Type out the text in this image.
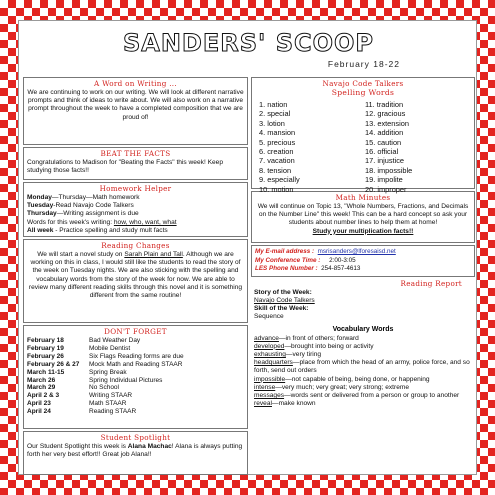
SANDERS' SCOOP
February 18-22
A Word on Writing ...

We are continuing to work on our writing. We will look at different narrative prompts and think of ideas to write about. We will also work on a narrative prompt throughout the week to have a completed composition that we are proud of!

BEAT THE FACTS

Congratulations to Madison for "Beating the Facts" this week! Keep studying those facts!!

Homework Helper
Monday—Thursday—Math homework
Tuesday-Read Navajo Code Talkers
Thursday—Writing assignment is due
Words for this week's writing: how, who, want, what
All week - Practice spelling and study mult facts
Reading Changes

We will start a novel study on Sarah Plain and Tall. Although we are working on this in class, I would still like the students to read the story of the week on Tuesday nights. We are also sticking with the spelling and vocabulary words from the story of the week for now. We are able to review many different reading skills through this novel and it is something different from the same routine!

DON'T FORGET
February 18	Bad Weather Day
February 19	Mobile Dentist
February 26	Six Flags Reading forms are due
February 26 & 27	Mock Math and Reading STAAR
March 11-15	Spring Break
March 26	Spring Individual Pictures
March 29	No School
April 2 & 3	Writing STAAR
April 23	Math STAAR
April 24	Reading STAAR
Student Spotlight

Our Student Spotlight this week is Alana Machac! Alana is always putting forth her very best effort!! Great job Alana!!

Navajo Code Talkers
Spelling Words
1. nation
2. special
3. lotion
4. mansion
5. precious
6. creation
7. vacation
8. tension
9. especially
10. motion
11. tradition
12. gracious
13. extension
14. addition
15. caution
16. official
17. injustice
18. impossible
19. impolite
20. improper
Math Minutes

We will continue on Topic 13, "Whole Numbers, Fractions, and Decimals on the Number Line" this week! This can be a hard concept so ask your students about number lines to help them at home!

Study your multiplication facts!!

My E-mail address : msrisanders@lforesaisd.net
My Conference Time : 2:00-3:05
LES Phone Number : 254-857-4613
Reading Report
Story of the Week:
Navajo Code Talkers
Skill of the Week:
Sequence
Vocabulary Words
advance—in front of others; forward
developed—brought into being or activity
exhausting—very tiring
headquarters—place from which the head of an army, police force, and so forth, send out orders
impossible—not capable of being, being done, or happening
intense—very much; very great; very strong; extreme
messages—words sent or delivered from a person or group to another
reveal—make known
